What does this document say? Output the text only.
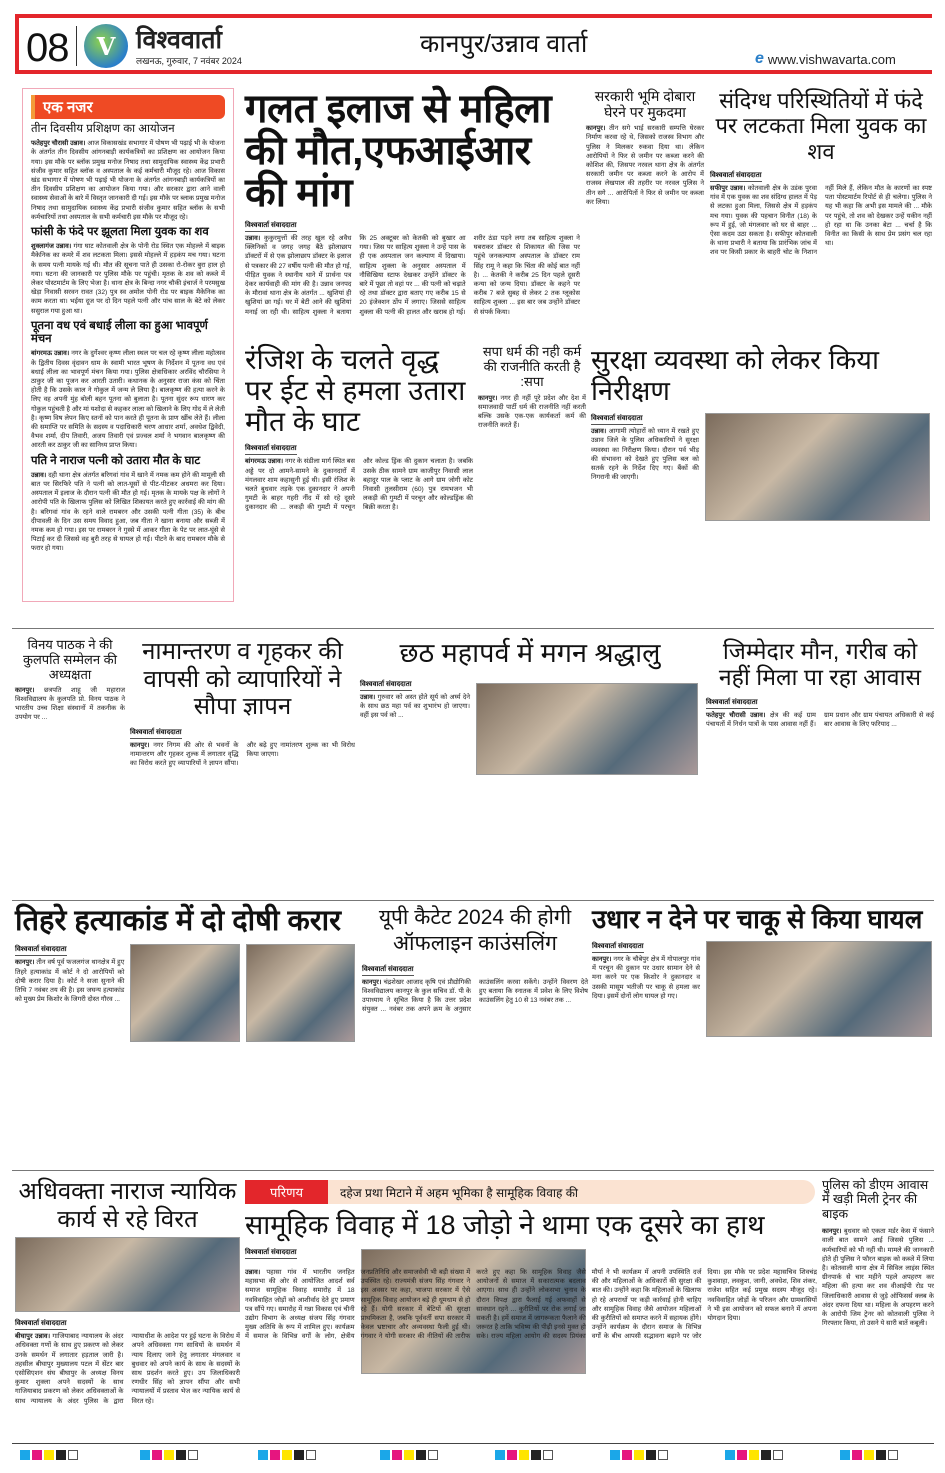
08	V विश्ववार्ता
लखनऊ, गुरुवार, 7 नवंबर 2024
कानपुर/उन्नाव वार्ता
e www.vishwavarta.com
एक नजर
तीन दिवसीय प्रशिक्षण का आयोजन
फतेहपुर चौरासी उन्नाव। आज विकासखंड सभागार में पोषण भी पढ़ाई भी के योजना के अंतर्गत तीन दिवसीय आंगनबाड़ी कार्यकत्रियों का प्रशिक्षण का आयोजन किया गया। इस मौके पर ब्लॉक प्रमुख मनोज निषाद तथा सामुदायिक स्वास्थ्य केंद्र प्रभारी संजीव कुमार सहित ब्लॉक व अस्पताल के कई कर्मचारी मौजूद रहे। आज विकास खंड सभागार में पोषण भी पढ़ाई भी योजना के अंतर्गत आंगनबाड़ी कार्यकत्रियों का तीन दिवसीय प्रशिक्षण का आयोजन किया गया। और सरकार द्वारा आने वाली स्वास्थ्य सेवाओं के बारे में विस्तृत जानकारी दी गई। इस मौके पर ब्लाक प्रमुख मनोज निषाद तथा सामुदायिक स्वास्थ्य केंद्र प्रभारी संजीव कुमार सहित ब्लॉक के सभी कर्मचारियों तथा अस्पताल के सभी कर्मचारी इस मौके पर मौजूद रहे।
फांसी के फंदे पर झूलता मिला युवक का शव
शुक्लागंज उन्नाव। गंगा घाट कोतवाली क्षेत्र के पोनी रोड स्थित एक मोहल्ले में बाइक मैकेनिक का कमरे में शव लटकता मिला। इससे मोहल्ले में हड़कंप मच गया। घटना के समय पत्नी मायके गई थी। मौत की सूचना पाते ही उसका रो-रोकर बुरा हाल हो गया। घटना की जानकारी पर पुलिस मौके पर पहुंची। मृतक के शव को कब्जे में लेकर पोस्टमार्टम के लिए भेजा है। थाना क्षेत्र के बिन्दा नगर चौकी इंचार्ज ने परमसुख खेड़ा निवासी सरवन रावत (32) पुत्र स्व अमोल पोनी रोड पर बाइक मैकेनिक का काम करता था। भईया दूज पर दो दिन पहले पत्नी और पांच साल के बेटे को लेकर ससुराल गया हुआ था।
पूतना वध एवं बधाई लीला का हुआ भावपूर्ण मंचन
बांगरमऊ उन्नाव। नगर के दुर्गेश्वर कृष्ण लीला स्थल पर चल रहे कृष्ण लीला महोत्सव के द्वितीय दिवस वृंदावन धाम के स्वामी भारत भूषण के निर्देशन में पूतना वध एवं बधाई लीला का भावपूर्ण मंचन किया गया। पुलिस क्षेत्राधिकार अरविंद चौरसिया ने ठाकुर जी का पूजन कर आरती उतारी। कथानक के अनुसार राजा कंस को चिंता होती है कि उसके काल ने गोकुल में जन्म ले लिया है। बालकृष्ण की हत्या करने के लिए वह अपनी मुंह बोली बहन पूतना को बुलाता है। पूतना सुंदर रूप धारण कर गोकुल पहुंचती है और मां यशोदा से कहकर लाला को खिलाने के लिए गोद में ले लेती है। कृष्ण विष लेपन किए स्तनों को पान करते ही पूतना के प्राण खींच लेते हैं। लीला की समाप्ति पर समिति के सदस्य व पदाधिकारी चरण आधार शर्मा, अवधेश द्विवेदी, वैभव शर्मा, दीप तिवारी, अजय तिवारी एवं प्रज्वल शर्मा ने भगवान बालकृष्ण की आरती कर ठाकुर जी का सानिध्य प्राप्त किया।
पति ने नाराज पत्नी को उतारा मौत के घाट
उन्नाव। दही थाना क्षेत्र अंतर्गत बरिगवां गांव में खाने में नमक कम होने की मामूली सी बात पर सिरफिरे पति ने पत्नी को लात-घूसों से पीट-पीटकर अधमरा कर दिया। अस्पताल में इलाज के दौरान पत्नी की मौत हो गई। मृतक के मायके पक्ष के लोगों ने आरोपी पति के खिलाफ पुलिस को लिखित शिकायत करते हुए कार्रवाई की मांग की है। बरिगवां गांव के रहने वाले रामबरन और उसकी पत्नी गीता (35) के बीच दीपावली के दिन उस समय विवाद हुआ, जब गीता ने खाना बनाया और सब्जी में नमक कम हो गया। इस पर रामबरन ने गुस्से में आकर गीता के पेट पर लात-घूंसे से पिटाई कर दी जिससे वह बुरी तरह से घायल हो गई। पीटने के बाद रामबरन मौके से फरार हो गया।
गलत इलाज से महिला की मौत,एफआईआर की मांग
विश्ववार्ता संवाददाता
उन्नाव। कुकुरमुत्तों की तरह खुल रहे अवैध क्लिनिकों व जगह जगह बैठे झोलाछाप डॉक्टरों में से एक झोलाछाप डॉक्टर के इलाज से पत्रकार की 27 वर्षीय पत्नी की मौत हो गई, पीड़ित युवक ने स्थानीय थाने में प्रार्थना पत्र देकर कार्यवाही की मांग की है। उन्नाव जनपद के मौरावां थाना क्षेत्र के अंतर्गत ... खुशियां ही खुशियां छा गई। घर में बेटी आने की खुशियां मनाई जा रही थी। साहित्य शुक्ला ने बताया कि 25 अक्टूबर को केतकी को बुखार आ गया। जिस पर साहित्य शुक्ला ने उन्हें पास के ही एक अस्पताल जन कल्याण में दिखाया। साहित्य शुक्ला के अनुसार अस्पताल में नौसिखिया स्टाफ देखकर उन्होंने डॉक्टर के बारे में पूछा तो वहां पर ... की पत्नी को चढ़ाते रहे तथा डॉक्टर द्वारा बताए गए करीब 15 से 20 इंजेक्शन ठोंप में लगाए। जिससे साहित्य शुक्ला की पत्नी की हालत और खराब हो गई। शरीर ठंडा पड़ने लगा तब साहित्य शुक्ला ने घबराकर डॉक्टर से शिकायत की जिस पर पहुंचे जनकल्याण अस्पताल के डॉक्टर राम सिंह रामू ने कहा कि चिंता की कोई बात नहीं है। ... केतकी ने करीब 25 दिन पहले दूसरी कन्या को जन्म दिया। डॉक्टर के कहने पर करीब 7 बजे सुबह से लेकर 2 तक ग्लूकोस साहित्य शुक्ला ... इस बार जब उन्होंने डॉक्टर से संपर्क किया।
सरकारी भूमि दोबारा घेरने पर मुकदमा
कानपुर। तीन सगे भाई सरकारी सम्पत्ति घेरकर निर्माण करवा रहे थे, जिसको राजस्व विभाग और पुलिस ने मिलकर रुकवा दिया था। लेकिन आरोपियों ने फिर से जमीन पर कब्जा करने की कोशिश की, जिसपर नरवल थाना क्षेत्र के अंतर्गत सरकारी जमीन पर कब्जा करने के आरोप में राजस्व लेखपाल की तहरीर पर नरवल पुलिस ने तीन सगे ... आरोपितों ने फिर से जमीन पर कब्जा कर लिया।
संदिग्ध परिस्थितियों में फंदे पर लटकता मिला युवक का शव
विश्ववार्ता संवाददाता
सफीपुर उन्नाव। कोतवाली क्षेत्र के उडंक पुरवा गांव में एक युवक का शव संदिग्ध हालत में पेड़ से लटका हुआ मिला, जिससे क्षेत्र में हड़कंप मच गया। युवक की पहचान विनीत (18) के रूप में हुई, जो मंगलवार को घर से बाहर ... ऐसा कदम उठा सकता है। सफीपुर कोतवाली के थाना प्रभारी ने बताया कि प्रारंभिक जांच में शव पर किसी प्रकार के बाहरी चोट के निशान नहीं मिले हैं, लेकिन मौत के कारणों का स्पष्ट पता पोस्टमार्टम रिपोर्ट से ही चलेगा। पुलिस ने यह भी कहा कि अभी इस मामले की ... मौके पर पहुंचे, तो शव को देखकर उन्हें यकीन नहीं हो रहा था कि उनका बेटा ... चर्चा है कि विनीत का किसी के साथ प्रेम प्रसंग चल रहा था।
रंजिश के चलते वृद्ध पर ईट से हमला उतारा मौत के घाट
विश्ववार्ता संवाददाता
बांगरमऊ उन्नाव। नगर के संडीला मार्ग स्थित बस अड्डे पर दो आमने-सामने के दुकानदारों में मंगलवार शाम कहासुनी हुई थी। इसी रंजिश के चलते बुधवार तड़के एक दुकानदार ने अपनी गुमटी के बाहर गहरी नींद में सो रहे दूसरे दुकानदार की ... लकड़ी की गुमटी में परचून और कोल्ड ड्रिंक की दुकान चलाता है। जबकि उसके ठीक सामने ग्राम काजीपुर निवासी लाल बहादुर पाल के प्लाट के आगे ग्राम जोगी कोट निवासी तुलसीराम (60) पुत्र रामभजन भी लकड़ी की गुमटी में परचून और कोल्डड्रिंक की बिक्री करता है।
सपा धर्म की नही कर्म की राजनीति करती है :सपा
कानपुर। नगर ही नहीं पूरे प्रदेश और देश में समाजवादी पार्टी धर्म की राजनीति नहीं करती बल्कि उसके एक-एक कार्यकर्ता कर्म की राजनीति करते हैं।
सुरक्षा व्यवस्था को लेकर किया निरीक्षण
विश्ववार्ता संवाददाता
उन्नाव। आगामी त्योहारों को ध्यान में रखते हुए उन्नाव जिले के पुलिस अधिकारियों ने सुरक्षा व्यवस्था का निरीक्षण किया। दौरान पर्व भीड़ की संभावना को देखते हुए पुलिस बल को सतर्क रहने के निर्देश दिए गए। बैंकों की निगरानी की जाएगी।
विनय पाठक ने की कुलपति सम्मेलन की अध्यक्षता
कानपुर। छत्रपति शाहू जी महाराज विश्वविद्यालय के कुलपति प्रो. विनय पाठक ने भारतीय उच्च शिक्षा संस्थानों में तकनीक के उपयोग पर ...
नामान्तरण व गृहकर की वापसी को व्यापारियों ने सौपा ज्ञापन
विश्ववार्ता संवाददाता
कानपुर। नगर निगम की ओर से भवनों के नामान्तरण और गृहकर शुल्क में लगातार वृद्धि का विरोध करते हुए व्यापारियों ने ज्ञापन सौंपा। और बढ़े हुए नामांतरण शुल्क का भी विरोध किया जाएगा।
छठ महापर्व में मगन श्रद्धालु
विश्ववार्ता संवाददाता
उन्नाव। गुरुवार को अस्त होते सूर्य को अर्घ्य देने के साथ छठ महा पर्व का शुभारंभ हो जाएगा। वहीं इस पर्व को ...
जिम्मेदार मौन, गरीब को नहीं मिला पा रहा आवास
विश्ववार्ता संवाददाता
फतेहपुर चौरासी उन्नाव। क्षेत्र की कई ग्राम पंचायतों में निर्धन पात्रों के पास आवास नहीं हैं। ग्राम प्रधान और ग्राम पंचायत अधिकारी से कई बार आवास के लिए फरियाद ...
तिहरे हत्याकांड में दो दोषी करार
विश्ववार्ता संवाददाता
कानपुर। तीन वर्ष पूर्व फजलगंज थानक्षेत्र में हुए तिहरे हत्याकांड में कोर्ट ने दो आरोपियों को दोषी करार दिया है। कोर्ट ने सजा सुनाने की तिथि 7 नवंबर तय की है। इस जघन्य हत्याकांड को मुख्य प्रेम किशोर के जिगरी दोस्त गौरव ...
यूपी कैटेट 2024 की होगी ऑफलाइन काउंसलिंग
विश्ववार्ता संवाददाता
कानपुर। चंद्रशेखर आजाद कृषि एवं प्रौद्योगिकी विश्वविद्यालय कानपुर के कुल सचिव डॉ. पी के उपाध्याय ने सूचित किया है कि उत्तर प्रदेश संयुक्त ... नवंबर तक अपने क्रम के अनुसार काउंसलिंग करवा सकेंगे। उन्होंने विवरण देते हुए बताया कि स्नातक में प्रवेश के लिए विशेष काउंसलिंग हेतु 10 से 13 नवंबर तक ...
उधार न देने पर चाकू से किया घायल
विश्ववार्ता संवाददाता
कानपुर। नगर के चौबेपुर क्षेत्र में गोपालपुर गांव में परचून की दुकान पर उधार सामान देने से मना करने पर एक किशोर ने दुकानदार व उसकी मासूम भतीजी पर चाकू से हमला कर दिया। इसमें दोनों लोग घायल हो गए।
अधिवक्ता नाराज न्यायिक कार्य से रहे विरत
विश्ववार्ता संवाददाता
बीघापुर उन्नाव। गाजियाबाद न्यायालय के अंदर अधिवक्ता गणों के साथ हुए प्रकरण को लेकर उनके समर्थन में लगातार हड़ताल जारी है। तहसील बीघापुर मुख्यालय पटल में सेंटर बार एसोसिएशन संघ बीघापुर के अध्यक्ष विनय कुमार शुक्ला अपने सदस्यों के साथ गाजियाबाद प्रकरण को लेकर अधिवक्ताओं के साथ न्यायालय के अंदर पुलिस के द्वारा न्यायाधीश के आदेश पर हुई घटना के विरोध में अपने अधिवक्ता गण साथियों के समर्थन में न्याय दिलाए जाने हेतु लगातार मंगलवार व बुधवार को अपने कार्य के साथ के सदस्यों के साथ प्रदर्शन करते हुए। उप जिलाधिकारी रणधीर सिंह को ज्ञापन सौंपा और सभी न्यायालयों में प्रस्ताव भेज कर न्यायिक कार्य से विरत रहे।
परिणय	दहेज प्रथा मिटाने में अहम भूमिका है सामूहिक विवाह की
सामूहिक विवाह में 18 जोड़ो ने थामा एक दूसरे का हाथ
विश्ववार्ता संवाददाता
उन्नाव। पहासा गांव में भारतीय जनहित महासभा की ओर से आयोजित आदर्श सर्व समाज सामूहिक विवाह समारोह में 18 नवविवाहित जोड़ों को आशीर्वाद देते हुए प्रमाण पत्र सौंपे गए। समारोह में गन्ना विकास एवं चीनी उद्योग विभाग के अध्यक्ष संजय सिंह गंगवार मुख्य अतिथि के रूप में शामिल हुए। कार्यक्रम में समाज के विभिन्न वर्गों के लोग, क्षेत्रीय जनप्रतिनिधि और समाजसेवी भी बड़ी संख्या में उपस्थित रहे। राज्यमंत्री संजय सिंह गंगवार ने इस अवसर पर कहा, भाजपा सरकार में ऐसे सामूहिक विवाह आयोजन बड़े ही धूमधाम से हो रहे हैं। योगी सरकार में बेटियों की सुरक्षा प्राथमिकता है, जबकि पूर्ववर्ती सपा सरकार में केवल भ्रष्टाचार और अव्यवस्था फैली हुई थी। गंगवार ने योगी सरकार की नीतियों की तारीफ करते हुए कहा कि सामूहिक विवाह जैसे आयोजनों से समाज में सकारात्मक बदलाव आएगा। साथ ही उन्होंने लोकसभा चुनाव के दौरान विपक्ष द्वारा फैलाई गई अफवाहों से सावधान रहने ... कुरीतियों पर रोक लगाई जा सकती है। हमें समाज में जागरूकता फैलाने की जरूरत है ताकि भविष्य की पीढ़ी इनसे मुक्त हो सके। राज्य महिला आयोग की सदस्य प्रियंका मौर्या ने भी कार्यक्रम में अपनी उपस्थिति दर्ज की और महिलाओं के अधिकारों की सुरक्षा की बात की। उन्होंने कहा कि महिलाओं के खिलाफ हो रहे अपराधों पर कड़ी कार्रवाई होनी चाहिए और सामूहिक विवाह जैसे आयोजन महिलाओं की कुरीतियों को समाप्त करने में सहायक होंगे। उन्होंने कार्यक्रम के दौरान समाज के विभिन्न वर्गों के बीच आपसी सद्भावना बढ़ाने पर जोर दिया। इस मौके पर प्रदेश महासचिव शिवचंद्र कुशवाहा, लवकुश, जानी, अवधेश, शिव शंकर, राजेश सहित कई प्रमुख सदस्य मौजूद रहे। नवविवाहित जोड़ों के परिजन और ग्रामवासियों ने भी इस आयोजन को सफल बनाने में अपना योगदान दिया।
पुलिस को डीएम आवास में खड़ी मिली ट्रेनर की बाइक
कानपुर। बुधवार को एकता मर्डर केस में फंसाने वाली बात सामने आई जिससे पुलिस ... कर्मचारियों को भी नहीं थी। मामले की जानकारी होते ही पुलिस ने फौरन बाइक को कब्जे में लिया है। कोतवाली थाना क्षेत्र में सिविल लाइंस स्थित ग्रीनपार्क से चार महीने पहले अपहरण कर महिला की हत्या कर शव वीआईपी रोड पर जिलाधिकारी आवास से जुड़े ऑफिसर्स क्लब के अंदर दफना दिया था। महिला के अपहरण करने के आरोपी जिम ट्रेनर को कोतवाली पुलिस ने गिरफ्तार किया, तो उसने ये सारी बातें कबूली।
